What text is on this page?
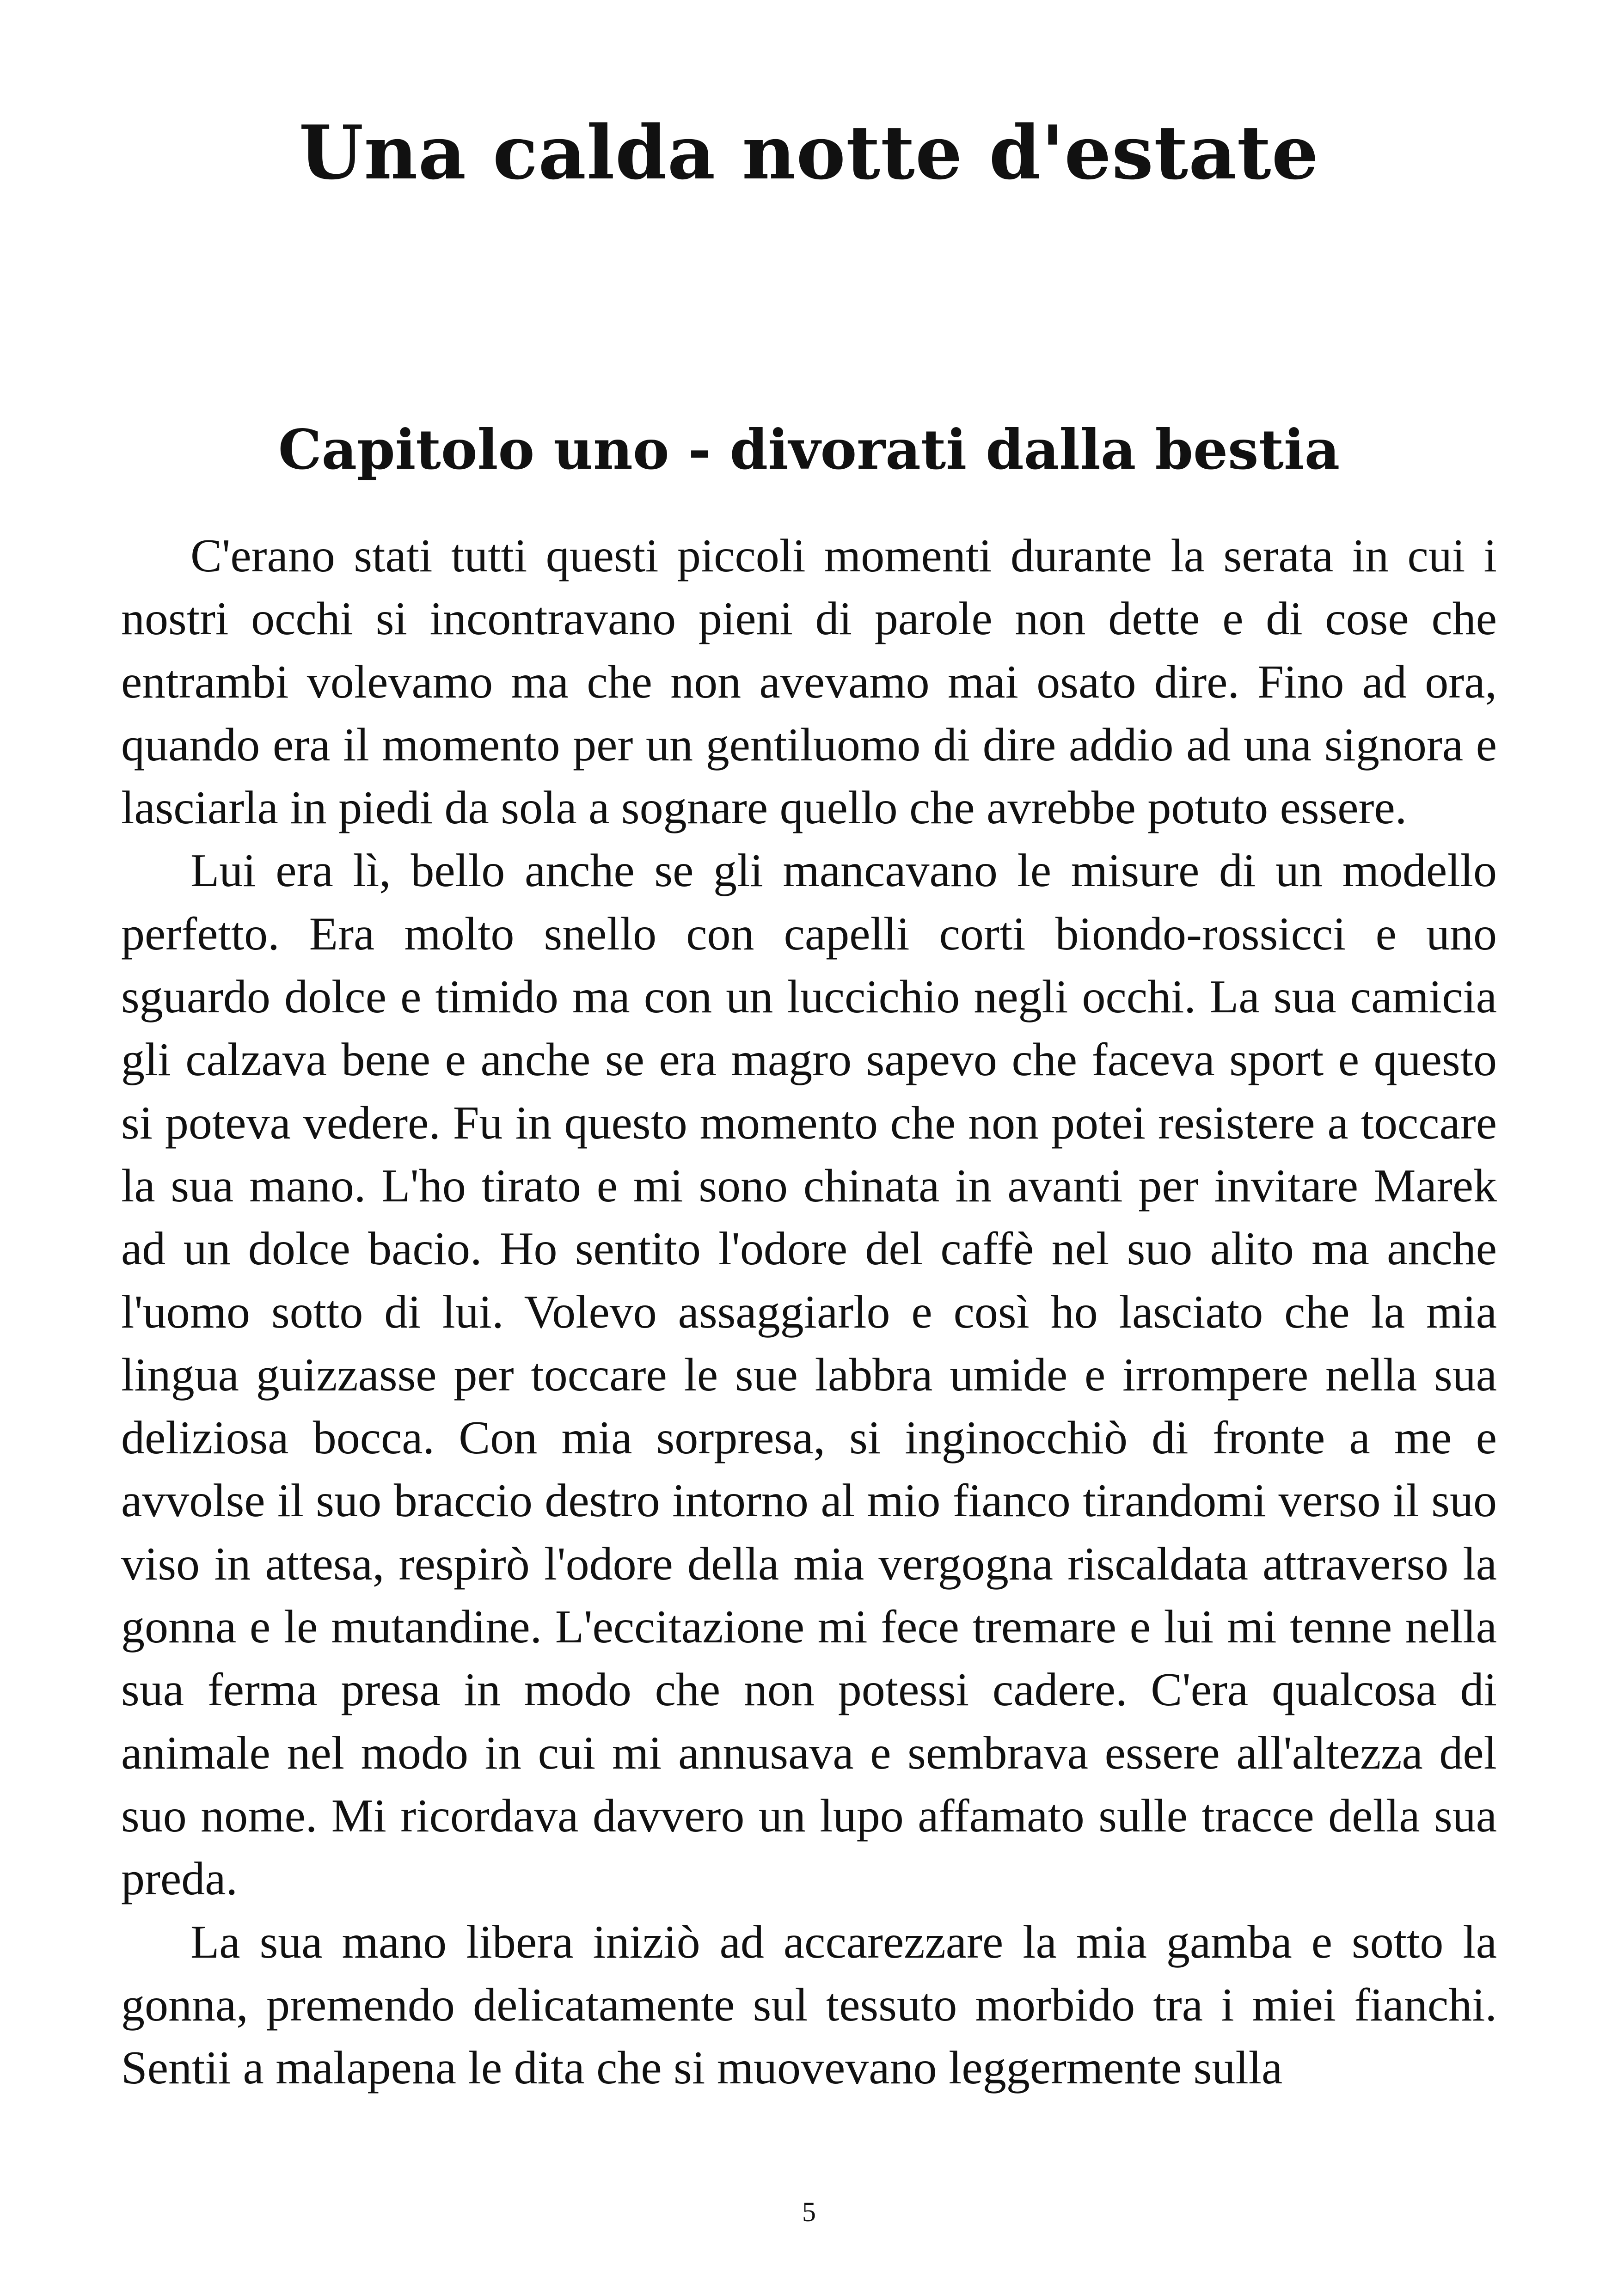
Una calda notte d'estate
Capitolo uno - divorati dalla bestia

C'erano stati tutti questi piccoli momenti durante la serata in cui i nostri occhi si incontravano pieni di parole non dette e di cose che entrambi volevamo ma che non avevamo mai osato dire. Fino ad ora, quando era il momento per un gentiluomo di dire addio ad una signora e lasciarla in piedi da sola a sognare quello che avrebbe potuto essere.

Lui era lì, bello anche se gli mancavano le misure di un modello perfetto. Era molto snello con capelli corti biondo-rossicci e uno sguardo dolce e timido ma con un luccichio negli occhi. La sua camicia gli calzava bene e anche se era magro sapevo che faceva sport e questo si poteva vedere. Fu in questo momento che non potei resistere a toccare la sua mano. L'ho tirato e mi sono chinata in avanti per invitare Marek ad un dolce bacio. Ho sentito l'odore del caffè nel suo alito ma anche l'uomo sotto di lui. Volevo assaggiarlo e così ho lasciato che la mia lingua guizzasse per toccare le sue labbra umide e irrompere nella sua deliziosa bocca. Con mia sorpresa, si inginocchiò di fronte a me e avvolse il suo braccio destro intorno al mio fianco tirandomi verso il suo viso in attesa, respirò l'odore della mia vergogna riscaldata attraverso la gonna e le mutandine. L'eccitazione mi fece tremare e lui mi tenne nella sua ferma presa in modo che non potessi cadere. C'era qualcosa di animale nel modo in cui mi annusava e sembrava essere all'altezza del suo nome. Mi ricordava davvero un lupo affamato sulle tracce della sua preda.

La sua mano libera iniziò ad accarezzare la mia gamba e sotto la gonna, premendo delicatamente sul tessuto morbido tra i miei fianchi. Sentii a malapena le dita che si muovevano leggermente sulla

5
